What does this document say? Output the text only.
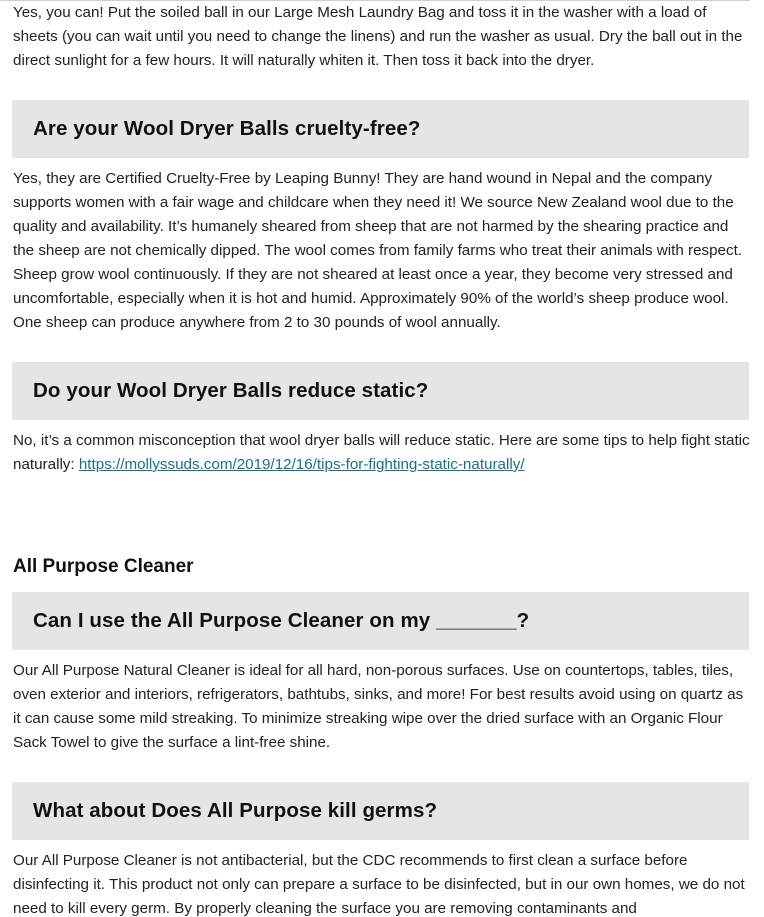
Yes, you can! Put the soiled ball in our Large Mesh Laundry Bag and toss it in the washer with a load of sheets (you can wait until you need to change the linens) and run the washer as usual. Dry the ball out in the direct sunlight for a few hours. It will naturally whiten it. Then toss it back into the dryer.

Are your Wool Dryer Balls cruelty-free?

Yes, they are Certified Cruelty-Free by Leaping Bunny! They are hand wound in Nepal and the company supports women with a fair wage and childcare when they need it! We source New Zealand wool due to the quality and availability. It’s humanely sheared from sheep that are not harmed by the shearing practice and the sheep are not chemically dipped. The wool comes from family farms who treat their animals with respect. Sheep grow wool continuously. If they are not sheared at least once a year, they become very stressed and uncomfortable, especially when it is hot and humid. Approximately 90% of the world’s sheep produce wool. One sheep can produce anywhere from 2 to 30 pounds of wool annually.

Do your Wool Dryer Balls reduce static?

No, it’s a common misconception that wool dryer balls will reduce static. Here are some tips to help fight static naturally: https://mollyssuds.com/2019/12/16/tips-for-fighting-static-naturally/

All Purpose Cleaner
Can I use the All Purpose Cleaner on my _______?

Our All Purpose Natural Cleaner is ideal for all hard, non-porous surfaces. Use on countertops, tables, tiles, oven exterior and interiors, refrigerators, bathtubs, sinks, and more! For best results avoid using on quartz as it can cause some mild streaking. To minimize streaking wipe over the dried surface with an Organic Flour Sack Towel to give the surface a lint-free shine.

What about Does All Purpose kill germs?

Our All Purpose Cleaner is not antibacterial, but the CDC recommends to first clean a surface before disinfecting it. This product not only can prepare a surface to be disinfected, but in our own homes, we do not need to kill every germ. By properly cleaning the surface you are removing contaminants and
